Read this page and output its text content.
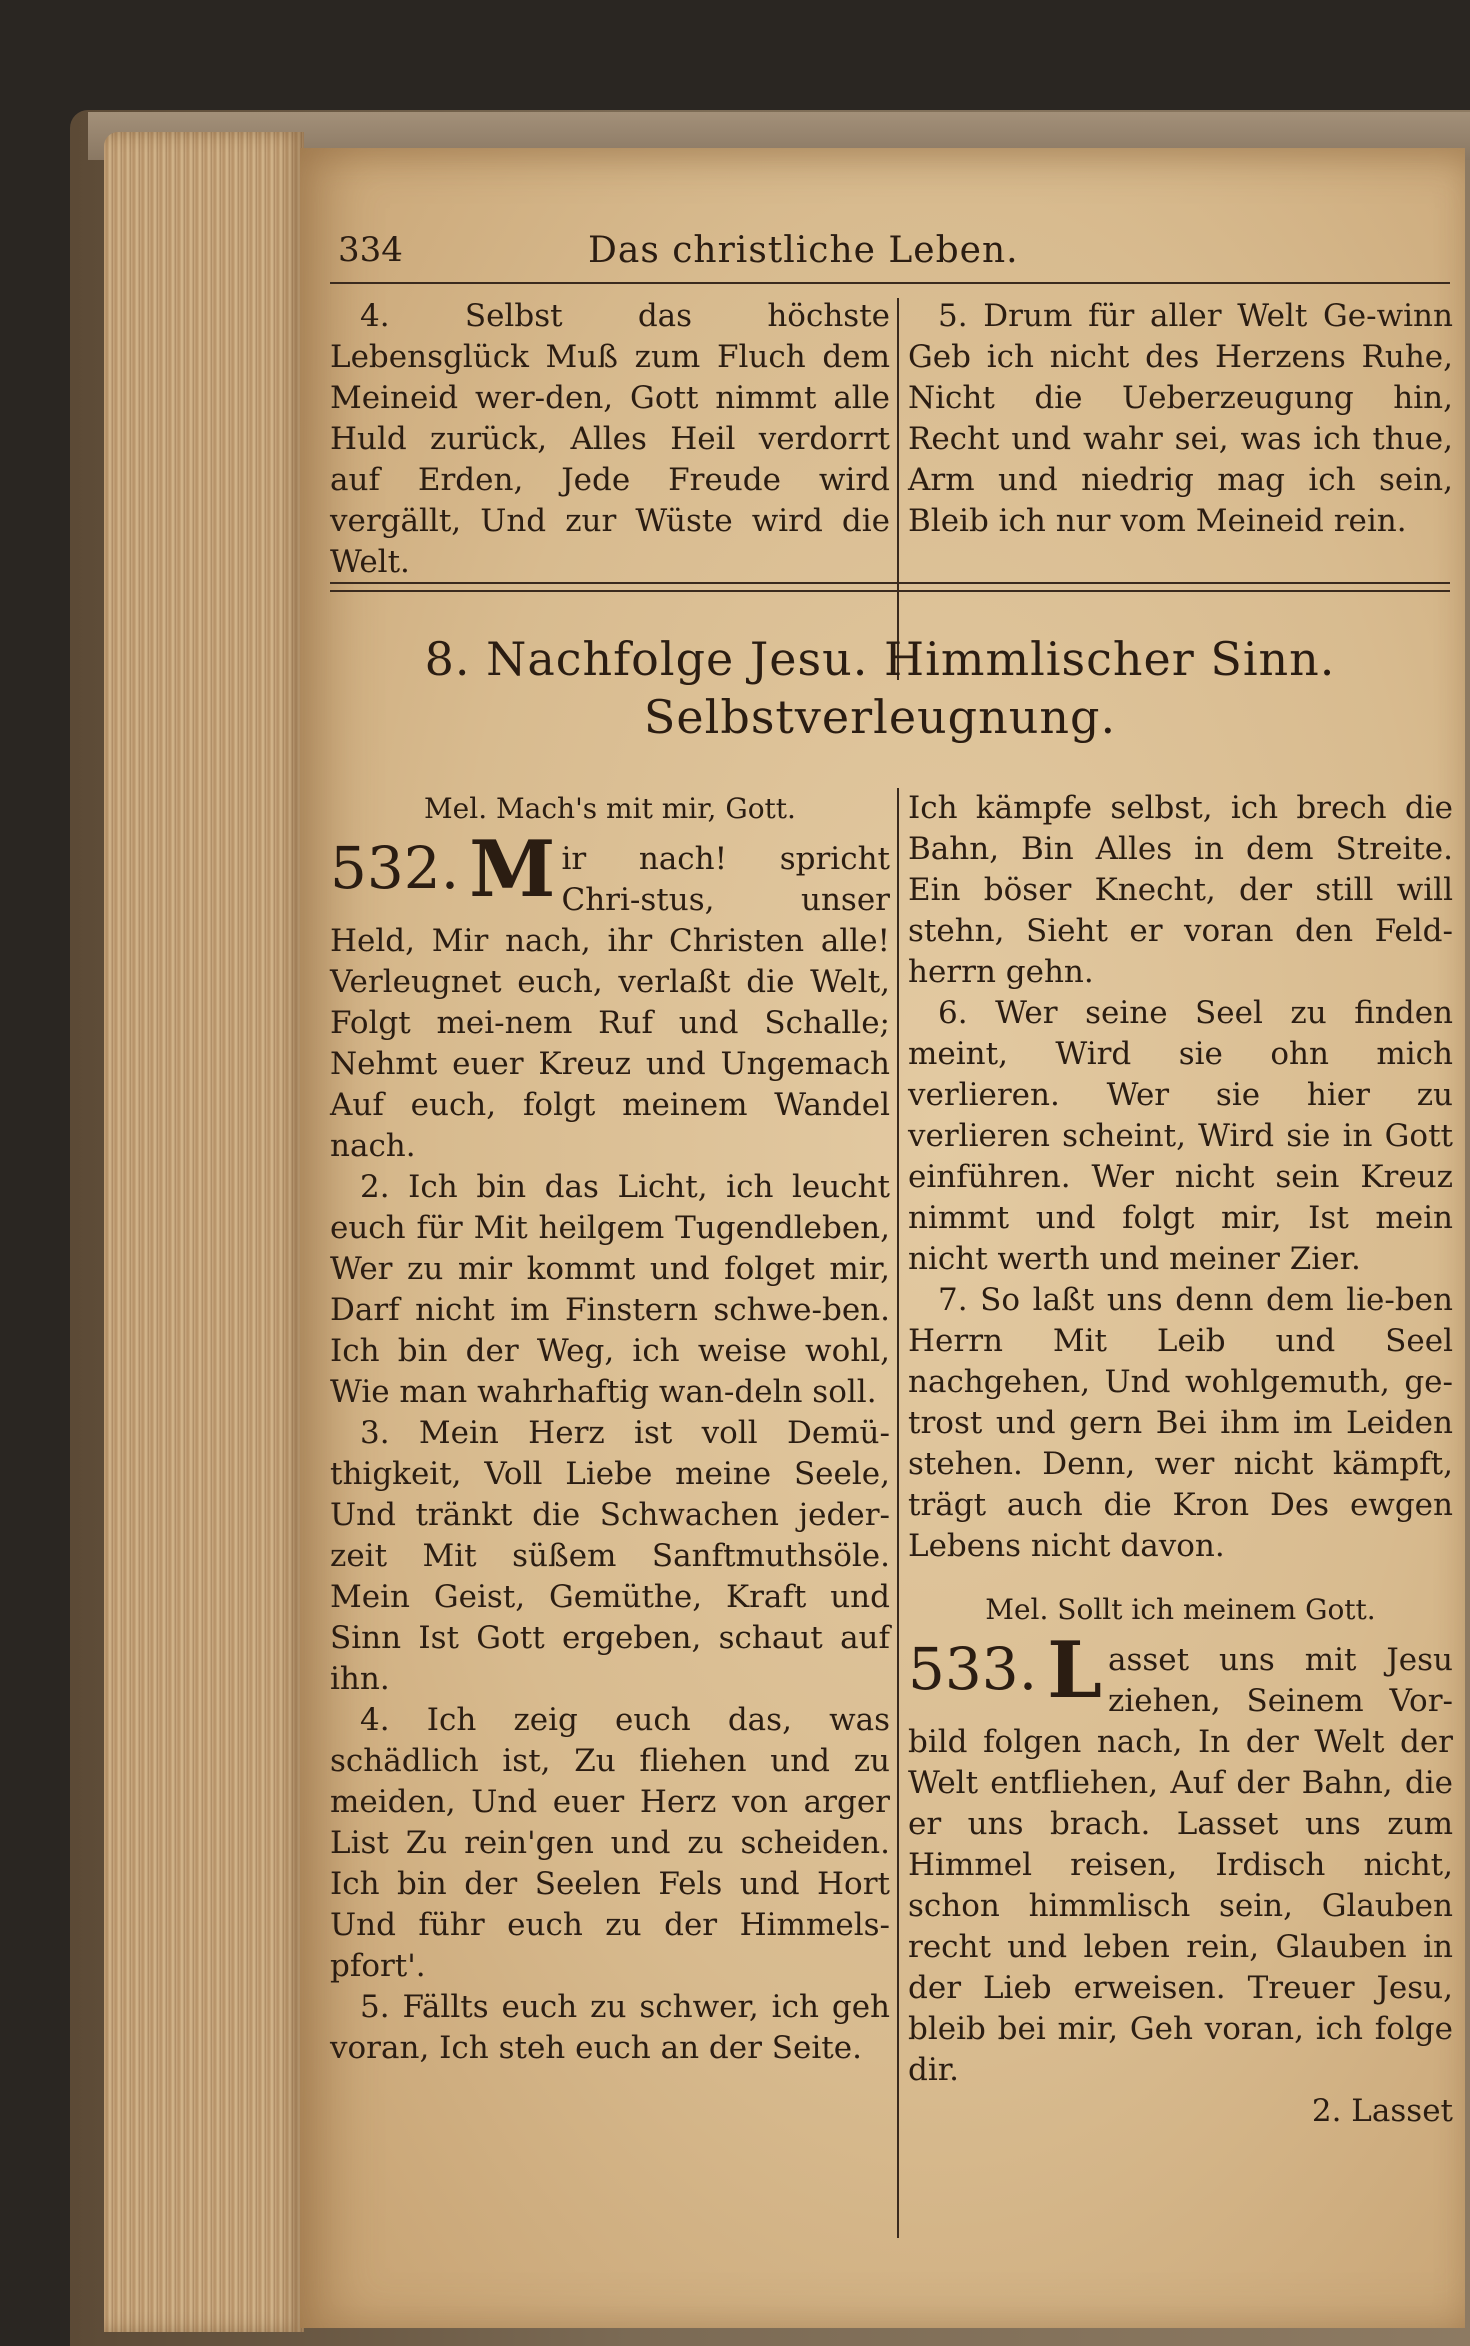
334	Das christliche Leben.

4. Selbst das höchste Lebensglück Muß zum Fluch dem Meineid wer-den, Gott nimmt alle Huld zurück, Alles Heil verdorrt auf Erden, Jede Freude wird vergällt, Und zur Wüste wird die Welt.

5. Drum für aller Welt Ge-winn Geb ich nicht des Herzens Ruhe, Nicht die Ueberzeugung hin, Recht und wahr sei, was ich thue, Arm und niedrig mag ich sein, Bleib ich nur vom Meineid rein.

8. Nachfolge Jesu. Himmlischer Sinn.
Selbstverleugnung.
Mel. Mach's mit mir, Gott.

532. M ir nach! spricht Chri-stus, unser Held, Mir nach, ihr Christen alle! Verleugnet euch, verlaßt die Welt, Folgt mei-nem Ruf und Schalle; Nehmt euer Kreuz und Ungemach Auf euch, folgt meinem Wandel nach.

2. Ich bin das Licht, ich leucht euch für Mit heilgem Tugendleben, Wer zu mir kommt und folget mir, Darf nicht im Finstern schwe-ben. Ich bin der Weg, ich weise wohl, Wie man wahrhaftig wan-deln soll.

3. Mein Herz ist voll Demü-thigkeit, Voll Liebe meine Seele, Und tränkt die Schwachen jeder-zeit Mit süßem Sanftmuthsöle. Mein Geist, Gemüthe, Kraft und Sinn Ist Gott ergeben, schaut auf ihn.

4. Ich zeig euch das, was schädlich ist, Zu fliehen und zu meiden, Und euer Herz von arger List Zu rein'gen und zu scheiden. Ich bin der Seelen Fels und Hort Und führ euch zu der Himmels-pfort'.

5. Fällts euch zu schwer, ich geh voran, Ich steh euch an der Seite.

Ich kämpfe selbst, ich brech die Bahn, Bin Alles in dem Streite. Ein böser Knecht, der still will stehn, Sieht er voran den Feld-herrn gehn.

6. Wer seine Seel zu finden meint, Wird sie ohn mich verlieren. Wer sie hier zu verlieren scheint, Wird sie in Gott einführen. Wer nicht sein Kreuz nimmt und folgt mir, Ist mein nicht werth und meiner Zier.

7. So laßt uns denn dem lie-ben Herrn Mit Leib und Seel nachgehen, Und wohlgemuth, ge-trost und gern Bei ihm im Leiden stehen. Denn, wer nicht kämpft, trägt auch die Kron Des ewgen Lebens nicht davon.

Mel. Sollt ich meinem Gott.

533. L asset uns mit Jesu ziehen, Seinem Vor-bild folgen nach, In der Welt der Welt entfliehen, Auf der Bahn, die er uns brach. Lasset uns zum Himmel reisen, Irdisch nicht, schon himmlisch sein, Glauben recht und leben rein, Glauben in der Lieb erweisen. Treuer Jesu, bleib bei mir, Geh voran, ich folge dir.

2. Lasset
